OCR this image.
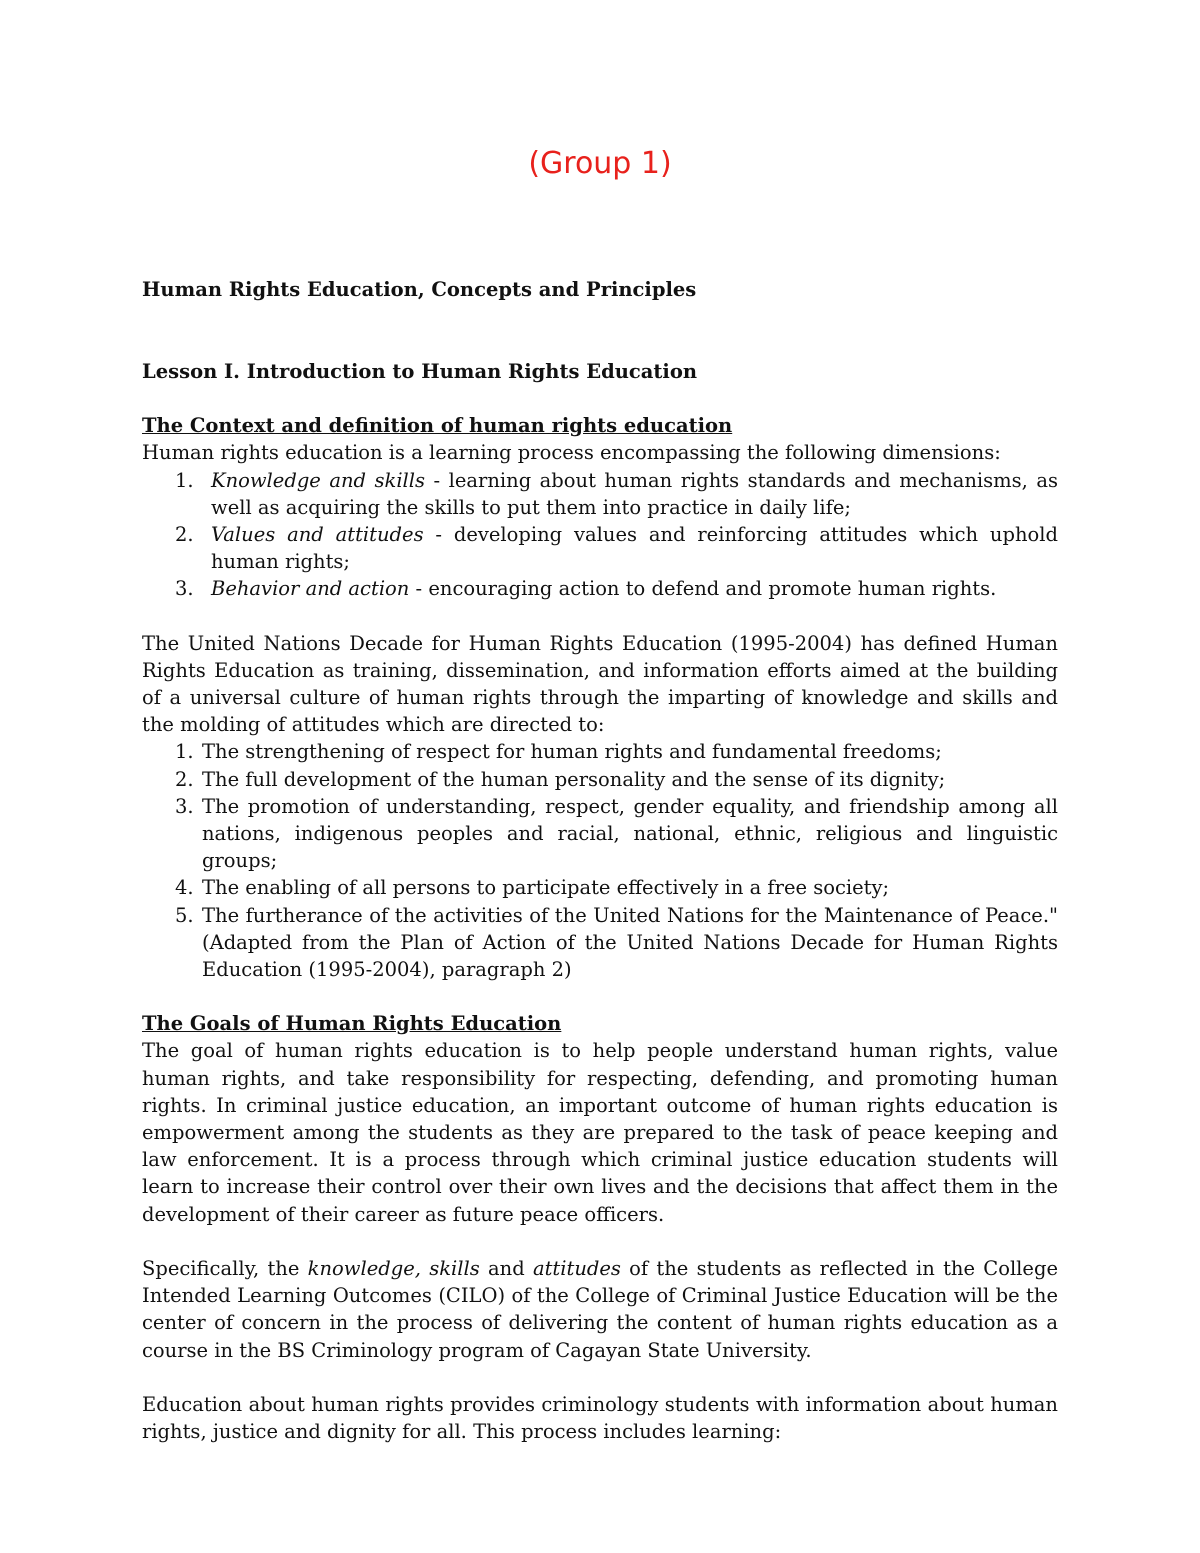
(Group 1)
Human Rights Education, Concepts and Principles
Lesson I. Introduction to Human Rights Education
The Context and definition of human rights education

Human rights education is a learning process encompassing the following dimensions:

1. Knowledge and skills - learning about human rights standards and mechanisms, as well as acquiring the skills to put them into practice in daily life;
2. Values and attitudes - developing values and reinforcing attitudes which uphold human rights;
3. Behavior and action - encouraging action to defend and promote human rights.

The United Nations Decade for Human Rights Education (1995-2004) has defined Human Rights Education as training, dissemination, and information efforts aimed at the building of a universal culture of human rights through the imparting of knowledge and skills and the molding of attitudes which are directed to:

1. The strengthening of respect for human rights and fundamental freedoms;
2. The full development of the human personality and the sense of its dignity;
3. The promotion of understanding, respect, gender equality, and friendship among all nations, indigenous peoples and racial, national, ethnic, religious and linguistic groups;
4. The enabling of all persons to participate effectively in a free society;
5. The furtherance of the activities of the United Nations for the Maintenance of Peace." (Adapted from the Plan of Action of the United Nations Decade for Human Rights Education (1995-2004), paragraph 2)
The Goals of Human Rights Education

The goal of human rights education is to help people understand human rights, value human rights, and take responsibility for respecting, defending, and promoting human rights. In criminal justice education, an important outcome of human rights education is empowerment among the students as they are prepared to the task of peace keeping and law enforcement. It is a process through which criminal justice education students will learn to increase their control over their own lives and the decisions that affect them in the development of their career as future peace officers.

Specifically, the knowledge, skills and attitudes of the students as reflected in the College Intended Learning Outcomes (CILO) of the College of Criminal Justice Education will be the center of concern in the process of delivering the content of human rights education as a course in the BS Criminology program of Cagayan State University.

Education about human rights provides criminology students with information about human rights, justice and dignity for all. This process includes learning:
